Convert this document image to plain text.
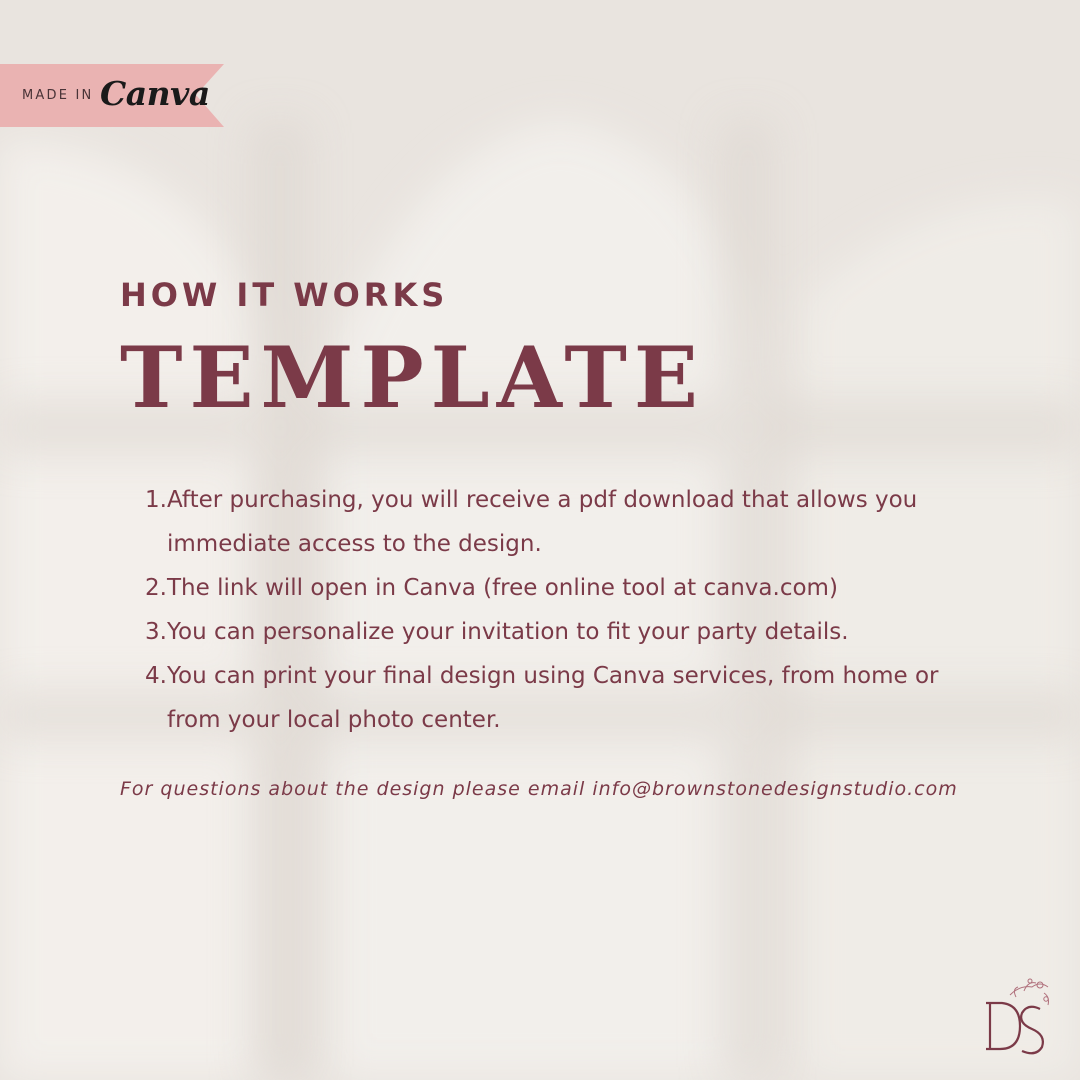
MADE IN Canva
HOW IT WORKS
TEMPLATE
1. After purchasing, you will receive a pdf download that allows you immediate access to the design.
2. The link will open in Canva (free online tool at canva.com)
3. You can personalize your invitation to fit your party details.
4. You can print your final design using Canva services, from home or from your local photo center.
For questions about the design please email info@brownstonedesignstudio.com
